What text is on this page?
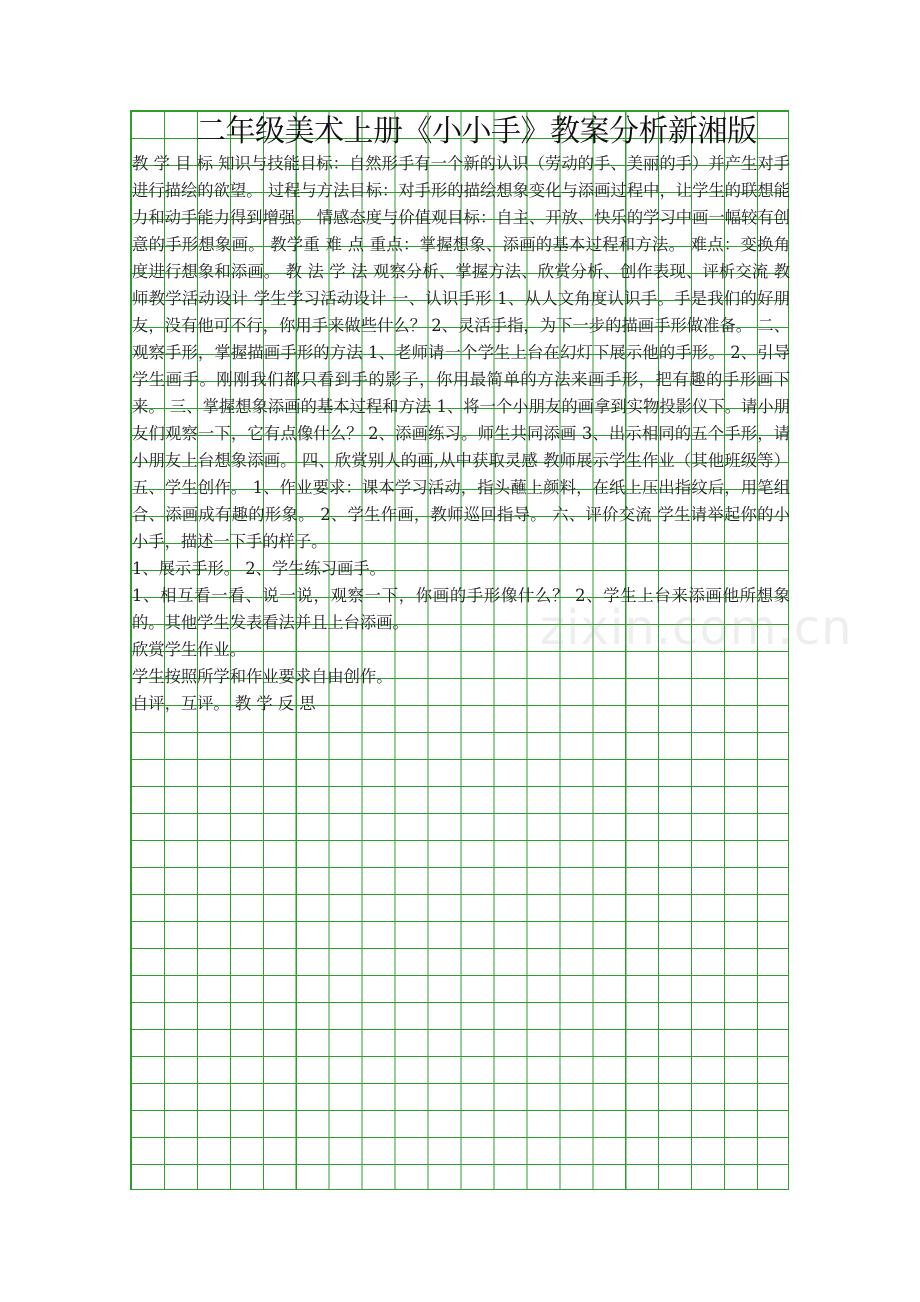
二年级美术上册《小小手》教案分析新湘版

教 学 目 标 知识与技能目标：自然形手有一个新的认识（劳动的手、美丽的手）并产生对手进行描绘的欲望。 过程与方法目标：对手形的描绘想象变化与添画过程中，让学生的联想能力和动手能力得到增强。 情感态度与价值观目标：自主、开放、快乐的学习中画一幅较有创意的手形想象画。 教学重 难 点 重点：掌握想象、添画的基本过程和方法。 难点：变换角度进行想象和添画。 教 法 学 法 观察分析、掌握方法、欣赏分析、创作表现、评析交流 教师教学活动设计 学生学习活动设计 一、认识手形 1、从人文角度认识手。手是我们的好朋友，没有他可不行，你用手来做些什么？ 2、灵活手指，为下一步的描画手形做准备。 二、观察手形，掌握描画手形的方法 1、老师请一个学生上台在幻灯下展示他的手形。 2、引导学生画手。刚刚我们都只看到手的影子，你用最简单的方法来画手形，把有趣的手形画下来。 三、掌握想象添画的基本过程和方法 1、将一个小朋友的画拿到实物投影仪下。请小朋友们观察一下，它有点像什么？ 2、添画练习。师生共同添画 3、出示相同的五个手形，请小朋友上台想象添画。 四、欣赏别人的画,从中获取灵感 教师展示学生作业（其他班级等） 五、学生创作。 1、作业要求：课本学习活动，指头蘸上颜料，在纸上压出指纹后，用笔组合、添画成有趣的形象。 2、学生作画，教师巡回指导。 六、评价交流 学生请举起你的小小手，描述一下手的样子。

1、展示手形。 2、学生练习画手。

1、相互看一看、说一说，观察一下，你画的手形像什么？ 2、学生上台来添画他所想象的。其他学生发表看法并且上台添画。

欣赏学生作业。

学生按照所学和作业要求自由创作。

自评，互评。 教 学 反 思

zixin.com.cn
